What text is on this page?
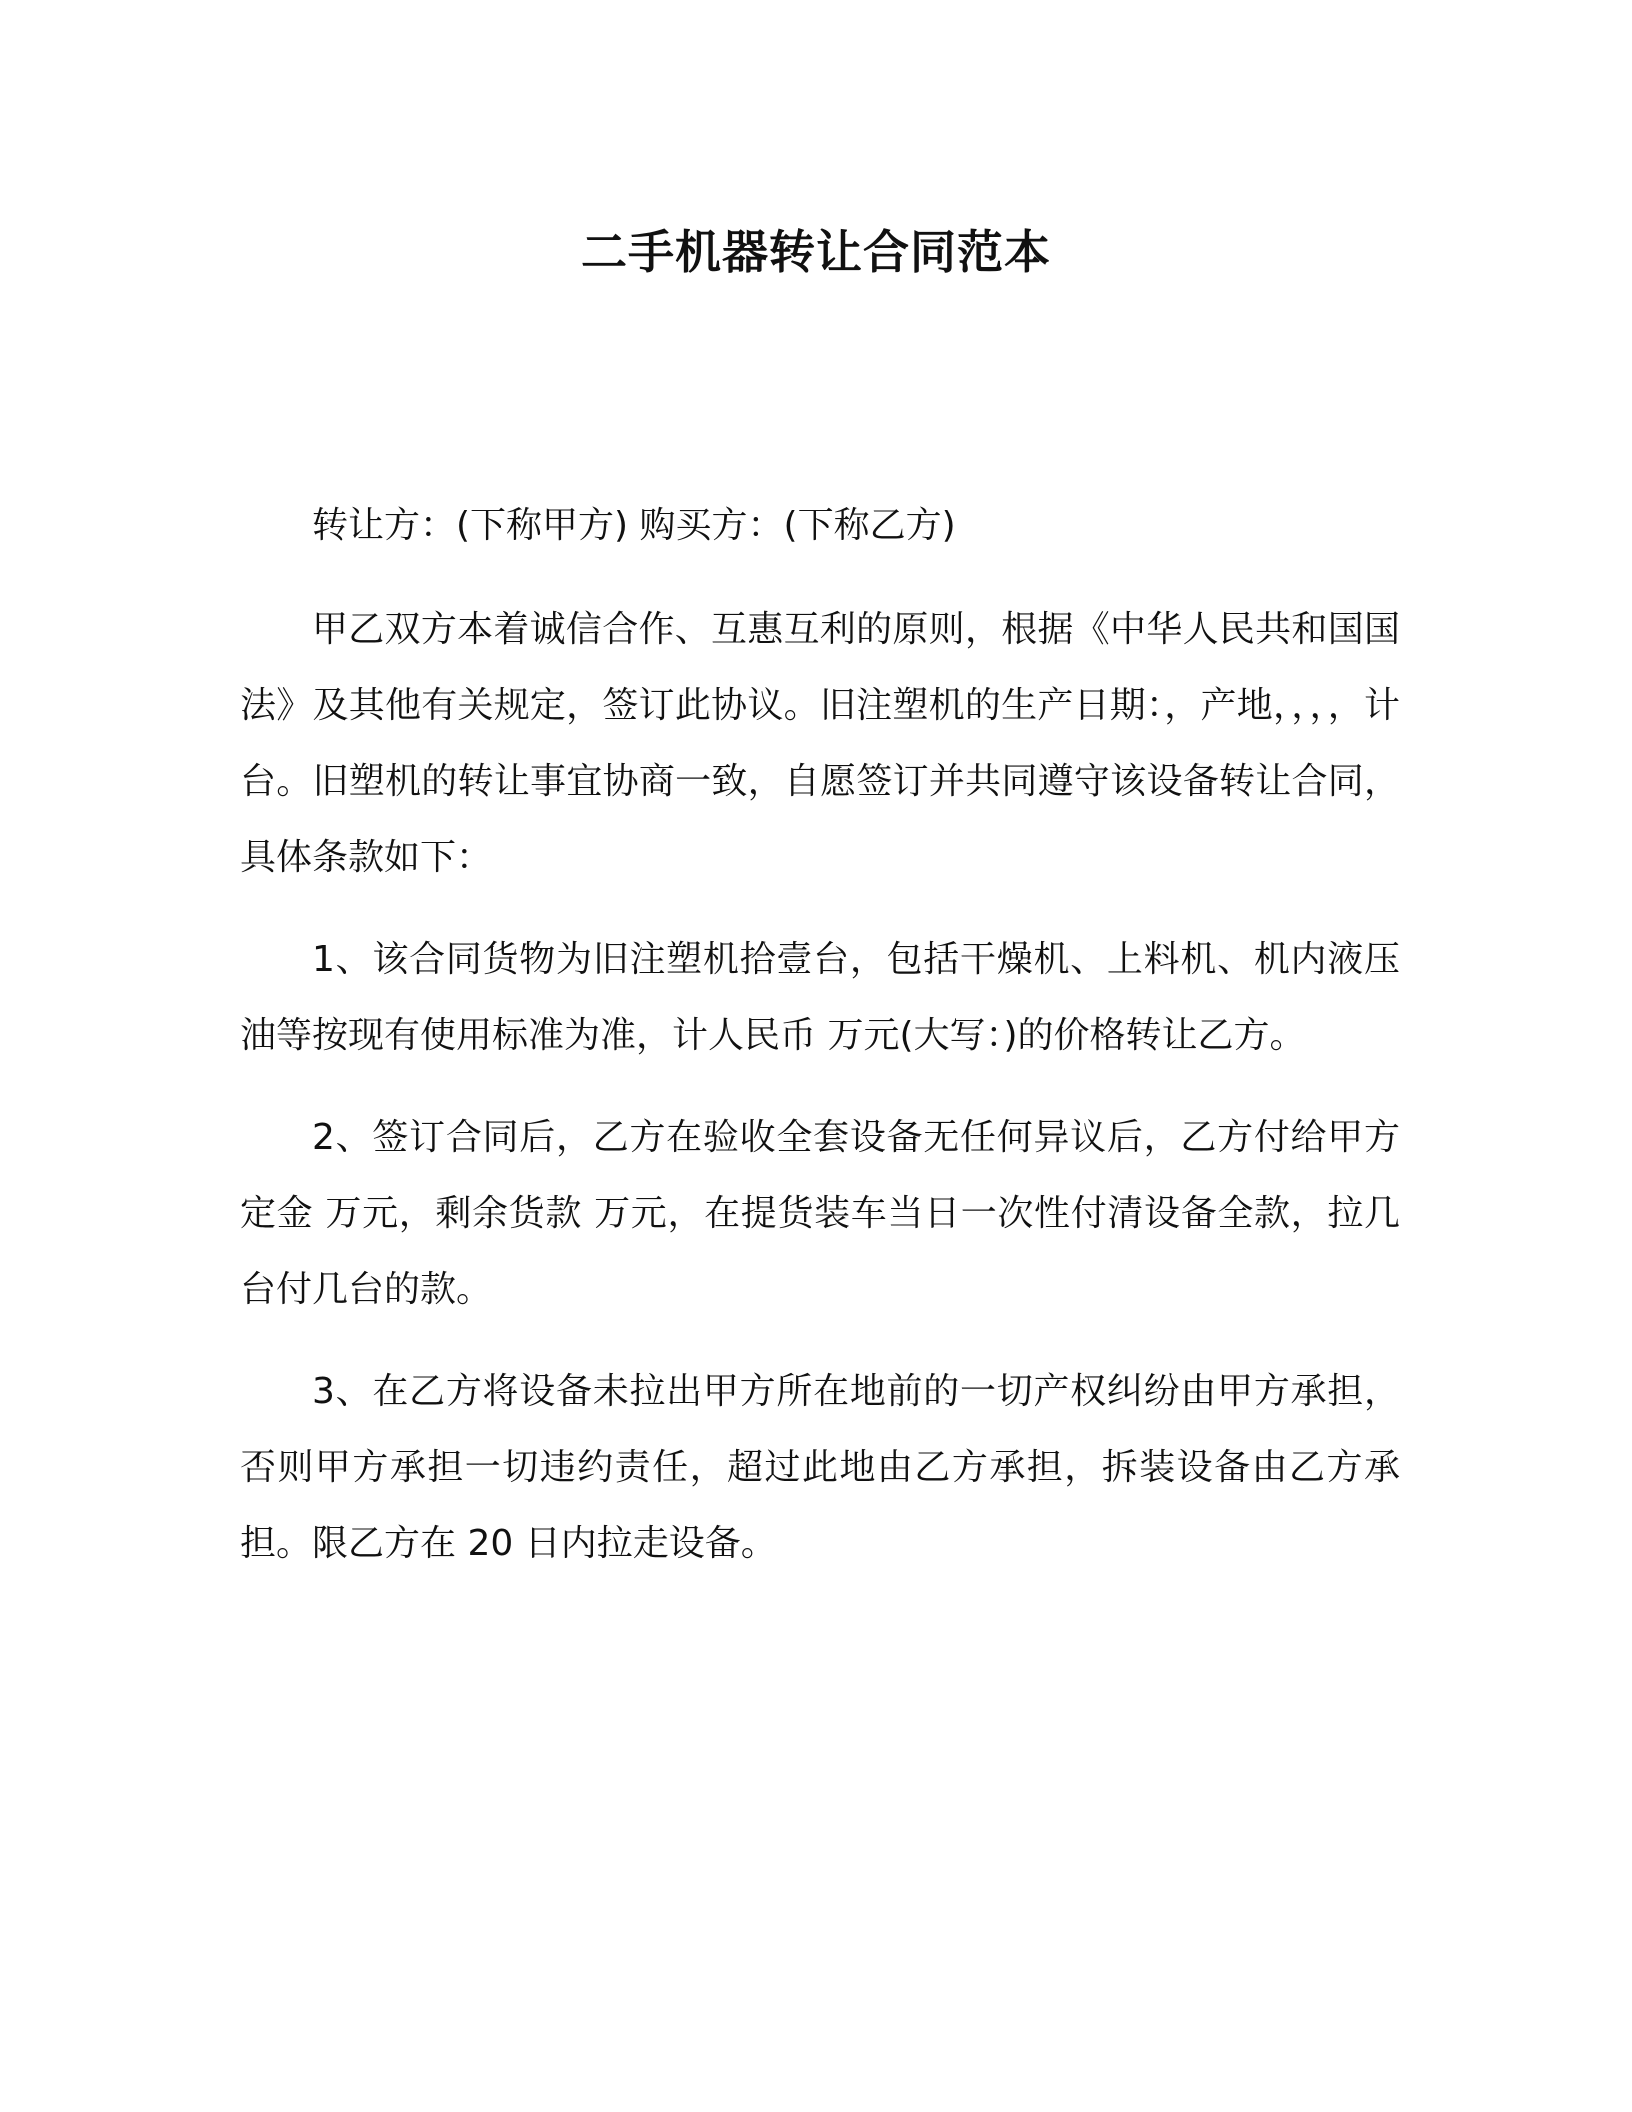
二手机器转让合同范本

转让方：(下称甲方) 购买方：(下称乙方)

甲乙双方本着诚信合作、互惠互利的原则，根据《中华人民共和国国法》及其他有关规定，签订此协议。旧注塑机的生产日期：，产地，，，，计 台。旧塑机的转让事宜协商一致，自愿签订并共同遵守该设备转让合同，具体条款如下：

1、该合同货物为旧注塑机拾壹台，包括干燥机、上料机、机内液压油等按现有使用标准为准，计人民币 万元(大写：)的价格转让乙方。

2、签订合同后，乙方在验收全套设备无任何异议后，乙方付给甲方定金 万元，剩余货款 万元，在提货装车当日一次性付清设备全款，拉几台付几台的款。

3、在乙方将设备未拉出甲方所在地前的一切产权纠纷由甲方承担，否则甲方承担一切违约责任，超过此地由乙方承担，拆装设备由乙方承担。限乙方在 20 日内拉走设备。
